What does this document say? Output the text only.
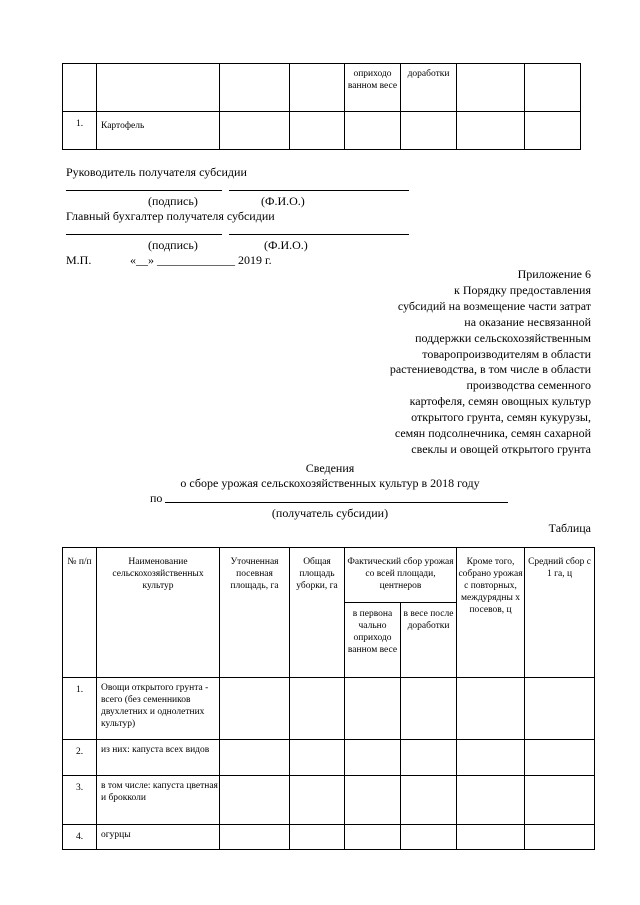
				оприходо ванном весе	доработки		
1.	Картофель						
Руководитель получателя субсидии
(подпись)	(Ф.И.О.)
Главный бухгалтер получателя субсидии
(подпись)	(Ф.И.О.)
М.П.	«__» _____________ 2019 г.
Приложение 6
к Порядку предоставления
субсидий на возмещение части затрат
на оказание несвязанной
поддержки сельскохозяйственным
товаропроизводителям в области
растениеводства, в том числе в области
производства семенного
картофеля, семян овощных культур
открытого грунта, семян кукурузы,
семян подсолнечника, семян сахарной
свеклы и овощей открытого грунта
Сведения
о сборе урожая сельскохозяйственных культур в 2018 году
по
(получатель субсидии)
Таблица
№ п/п	Наименование сельскохозяйственных культур	Уточненная посевная площадь, га	Общая площадь уборки, га	Фактический сбор урожая со всей площади, центнеров		Кроме того, собрано урожая с повторных, междурядны х посевов, ц	Средний сбор с 1 га, ц
				в первона чально оприходо ванном весе	в весе после доработки		
1.	Овощи открытого грунта - всего (без семенников двухлетних и однолетних культур)						
2.	из них: капуста всех видов						
3.	в том числе: капуста цветная и брокколи						
4.	огурцы						
